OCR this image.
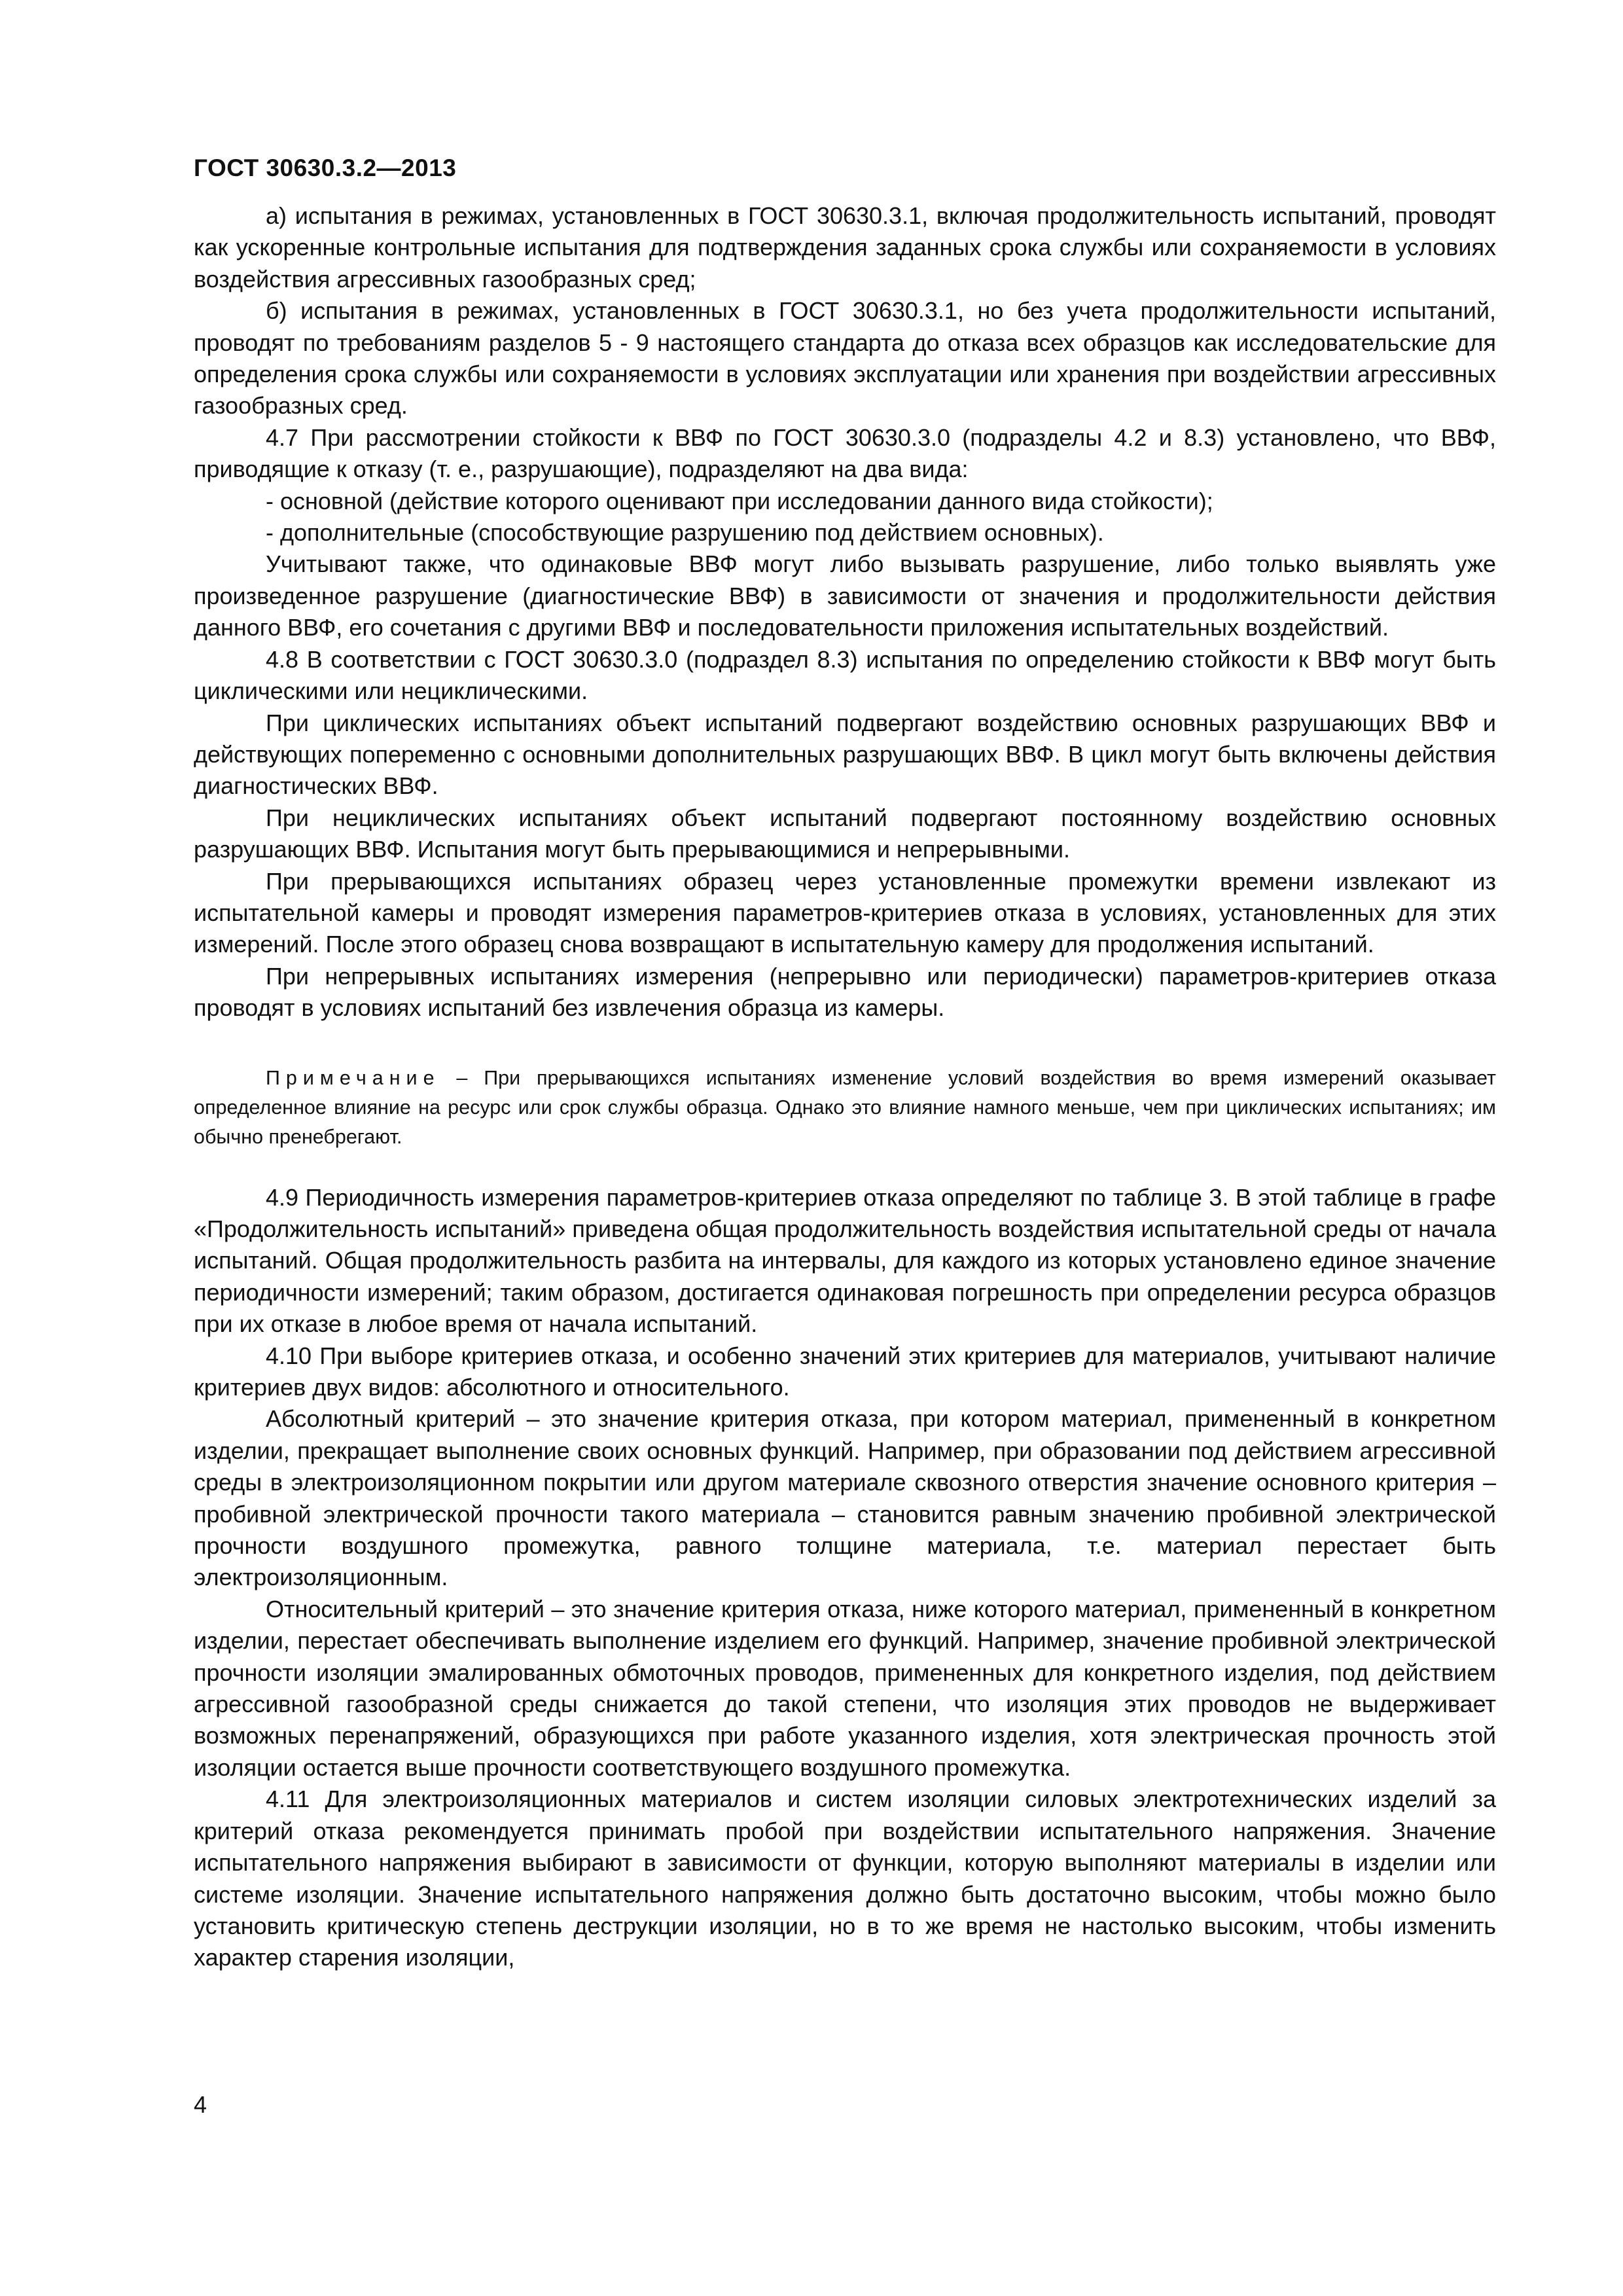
ГОСТ 30630.3.2—2013

а) испытания в режимах, установленных в ГОСТ 30630.3.1, включая продолжительность испытаний, проводят как ускоренные контрольные испытания для подтверждения заданных срока службы или сохраняемости в условиях воздействия агрессивных газообразных сред;

б) испытания в режимах, установленных в ГОСТ 30630.3.1, но без учета продолжительности испытаний, проводят по требованиям разделов 5 - 9 настоящего стандарта до отказа всех образцов как исследовательские для определения срока службы или сохраняемости в условиях эксплуатации или хранения при воздействии агрессивных газообразных сред.

4.7 При рассмотрении стойкости к ВВФ по ГОСТ 30630.3.0 (подразделы 4.2 и 8.3) установлено, что ВВФ, приводящие к отказу (т. е., разрушающие), подразделяют на два вида:

- основной (действие которого оценивают при исследовании данного вида стойкости);

- дополнительные (способствующие разрушению под действием основных).

Учитывают также, что одинаковые ВВФ могут либо вызывать разрушение, либо только выявлять уже произведенное разрушение (диагностические ВВФ) в зависимости от значения и продолжительности действия данного ВВФ, его сочетания с другими ВВФ и последовательности приложения испытательных воздействий.

4.8 В соответствии с ГОСТ 30630.3.0 (подраздел 8.3) испытания по определению стойкости к ВВФ могут быть циклическими или нециклическими.

При циклических испытаниях объект испытаний подвергают воздействию основных разрушающих ВВФ и действующих попеременно с основными дополнительных разрушающих ВВФ. В цикл могут быть включены действия диагностических ВВФ.

При нециклических испытаниях объект испытаний подвергают постоянному воздействию основных разрушающих ВВФ. Испытания могут быть прерывающимися и непрерывными.

При прерывающихся испытаниях образец через установленные промежутки времени извлекают из испытательной камеры и проводят измерения параметров-критериев отказа в условиях, установленных для этих измерений. После этого образец снова возвращают в испытательную камеру для продолжения испытаний.

При непрерывных испытаниях измерения (непрерывно или периодически) параметров-критериев отказа проводят в условиях испытаний без извлечения образца из камеры.

Примечание – При прерывающихся испытаниях изменение условий воздействия во время измерений оказывает определенное влияние на ресурс или срок службы образца. Однако это влияние намного меньше, чем при циклических испытаниях; им обычно пренебрегают.

4.9 Периодичность измерения параметров-критериев отказа определяют по таблице 3. В этой таблице в графе «Продолжительность испытаний» приведена общая продолжительность воздействия испытательной среды от начала испытаний. Общая продолжительность разбита на интервалы, для каждого из которых установлено единое значение периодичности измерений; таким образом, достигается одинаковая погрешность при определении ресурса образцов при их отказе в любое время от начала испытаний.

4.10 При выборе критериев отказа, и особенно значений этих критериев для материалов, учитывают наличие критериев двух видов: абсолютного и относительного.

Абсолютный критерий – это значение критерия отказа, при котором материал, примененный в конкретном изделии, прекращает выполнение своих основных функций. Например, при образовании под действием агрессивной среды в электроизоляционном покрытии или другом материале сквозного отверстия значение основного критерия – пробивной электрической прочности такого материала – становится равным значению пробивной электрической прочности воздушного промежутка, равного толщине материала, т.е. материал перестает быть электроизоляционным.

Относительный критерий – это значение критерия отказа, ниже которого материал, примененный в конкретном изделии, перестает обеспечивать выполнение изделием его функций. Например, значение пробивной электрической прочности изоляции эмалированных обмоточных проводов, примененных для конкретного изделия, под действием агрессивной газообразной среды снижается до такой степени, что изоляция этих проводов не выдерживает возможных перенапряжений, образующихся при работе указанного изделия, хотя электрическая прочность этой изоляции остается выше прочности соответствующего воздушного промежутка.

4.11 Для электроизоляционных материалов и систем изоляции силовых электротехнических изделий за критерий отказа рекомендуется принимать пробой при воздействии испытательного напряжения. Значение испытательного напряжения выбирают в зависимости от функции, которую выполняют материалы в изделии или системе изоляции. Значение испытательного напряжения должно быть достаточно высоким, чтобы можно было установить критическую степень деструкции изоляции, но в то же время не настолько высоким, чтобы изменить характер старения изоляции,

4
